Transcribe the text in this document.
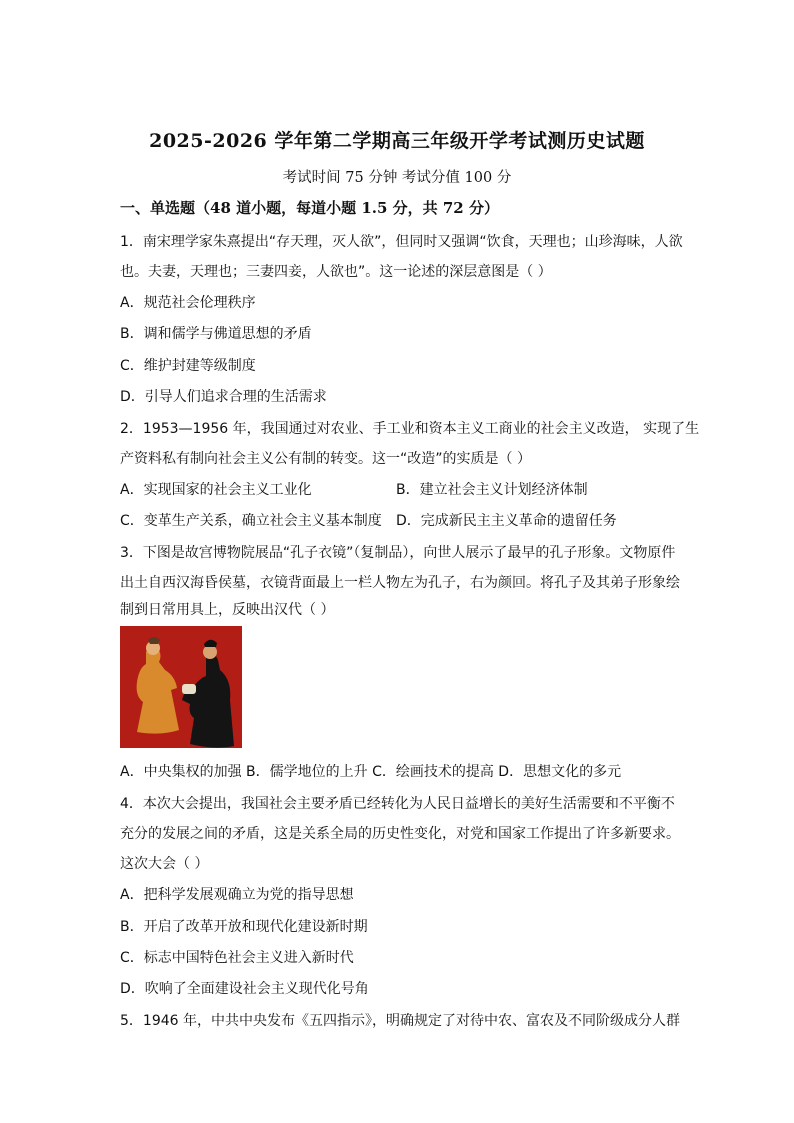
2025-2026 学年第二学期高三年级开学考试测历史试题
考试时间 75 分钟 考试分值 100 分
一、单选题（48 道小题，每道小题 1.5 分，共 72 分）
1．南宋理学家朱熹提出“存天理，灭人欲”，但同时又强调“饮食，天理也；山珍海味，人欲
也。夫妻，天理也；三妻四妾，人欲也”。这一论述的深层意图是（ ）
A．规范社会伦理秩序
B．调和儒学与佛道思想的矛盾
C．维护封建等级制度
D．引导人们追求合理的生活需求
2．1953—1956 年，我国通过对农业、手工业和资本主义工商业的社会主义改造， 实现了生
产资料私有制向社会主义公有制的转变。这一“改造”的实质是（ ）
A．实现国家的社会主义工业化	B．建立社会主义计划经济体制
C．变革生产关系，确立社会主义基本制度 D．完成新民主主义革命的遗留任务
3．下图是故宫博物院展品“孔子衣镜”（复制品），向世人展示了最早的孔子形象。文物原件
出土自西汉海昏侯墓，衣镜背面最上一栏人物左为孔子，右为颜回。将孔子及其弟子形象绘
制到日常用具上，反映出汉代（ ）
A．中央集权的加强 B．儒学地位的上升 C．绘画技术的提高 D．思想文化的多元
4．本次大会提出，我国社会主要矛盾已经转化为人民日益增长的美好生活需要和不平衡不
充分的发展之间的矛盾，这是关系全局的历史性变化，对党和国家工作提出了许多新要求。
这次大会（ ）
A．把科学发展观确立为党的指导思想
B．开启了改革开放和现代化建设新时期
C．标志中国特色社会主义进入新时代
D．吹响了全面建设社会主义现代化号角
5．1946 年，中共中央发布《五四指示》，明确规定了对待中农、富农及不同阶级成分人群
